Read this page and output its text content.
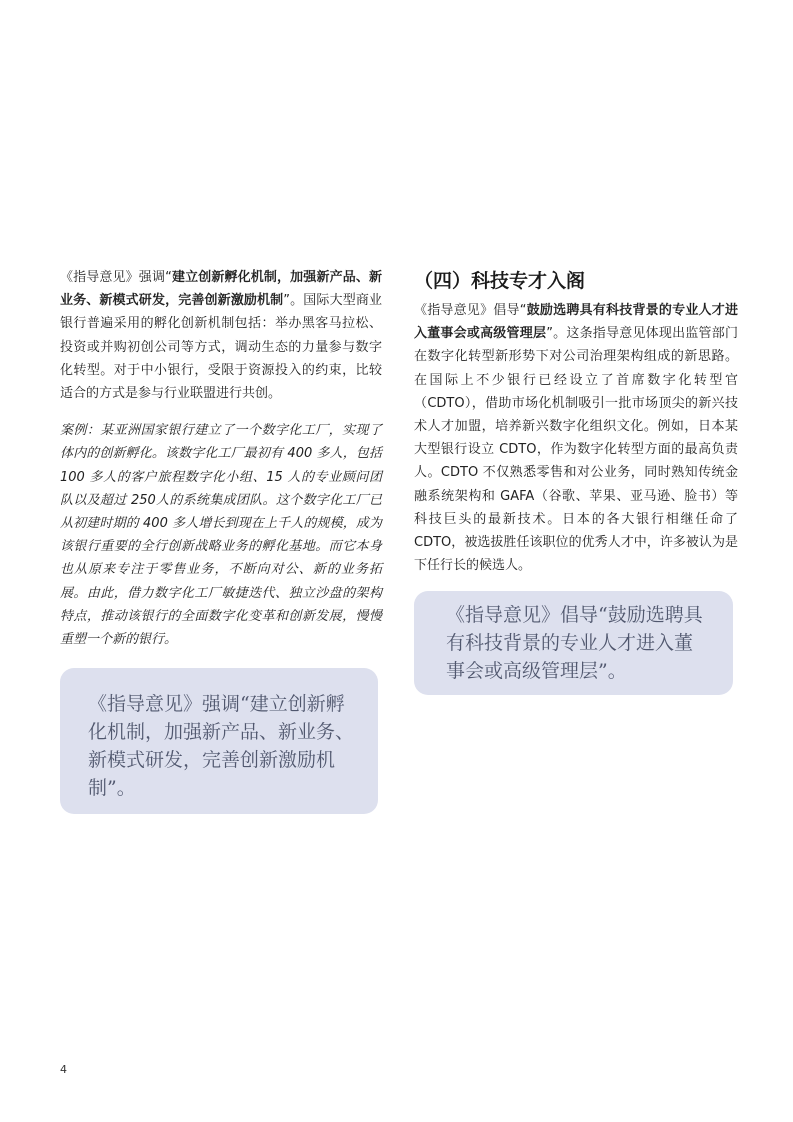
《指导意见》强调“建立创新孵化机制，加强新产品、新业务、新模式研发，完善创新激励机制”。国际大型商业银行普遍采用的孵化创新机制包括：举办黑客马拉松、投资或并购初创公司等方式，调动生态的力量参与数字化转型。对于中小银行，受限于资源投入的约束，比较适合的方式是参与行业联盟进行共创。

案例：某亚洲国家银行建立了一个数字化工厂，实现了体内的创新孵化。该数字化工厂最初有 400 多人，包括 100 多人的客户旅程数字化小组、15 人的专业顾问团队以及超过 250人的系统集成团队。这个数字化工厂已从初建时期的 400 多人增长到现在上千人的规模，成为该银行重要的全行创新战略业务的孵化基地。而它本身也从原来专注于零售业务，不断向对公、新的业务拓展。由此，借力数字化工厂敏捷迭代、独立沙盘的架构特点，推动该银行的全面数字化变革和创新发展，慢慢重塑一个新的银行。

《指导意见》强调“建立创新孵化机制，加强新产品、新业务、新模式研发，完善创新激励机制”。
（四）科技专才入阁

《指导意见》倡导“鼓励选聘具有科技背景的专业人才进入董事会或高级管理层”。这条指导意见体现出监管部门在数字化转型新形势下对公司治理架构组成的新思路。在国际上不少银行已经设立了首席数字化转型官（CDTO），借助市场化机制吸引一批市场顶尖的新兴技术人才加盟，培养新兴数字化组织文化。例如，日本某大型银行设立 CDTO，作为数字化转型方面的最高负责人。CDTO 不仅熟悉零售和对公业务，同时熟知传统金融系统架构和 GAFA（谷歌、苹果、亚马逊、脸书）等科技巨头的最新技术。日本的各大银行相继任命了 CDTO，被选拔胜任该职位的优秀人才中，许多被认为是下任行长的候选人。

《指导意见》倡导“鼓励选聘具有科技背景的专业人才进入董事会或高级管理层”。
4
